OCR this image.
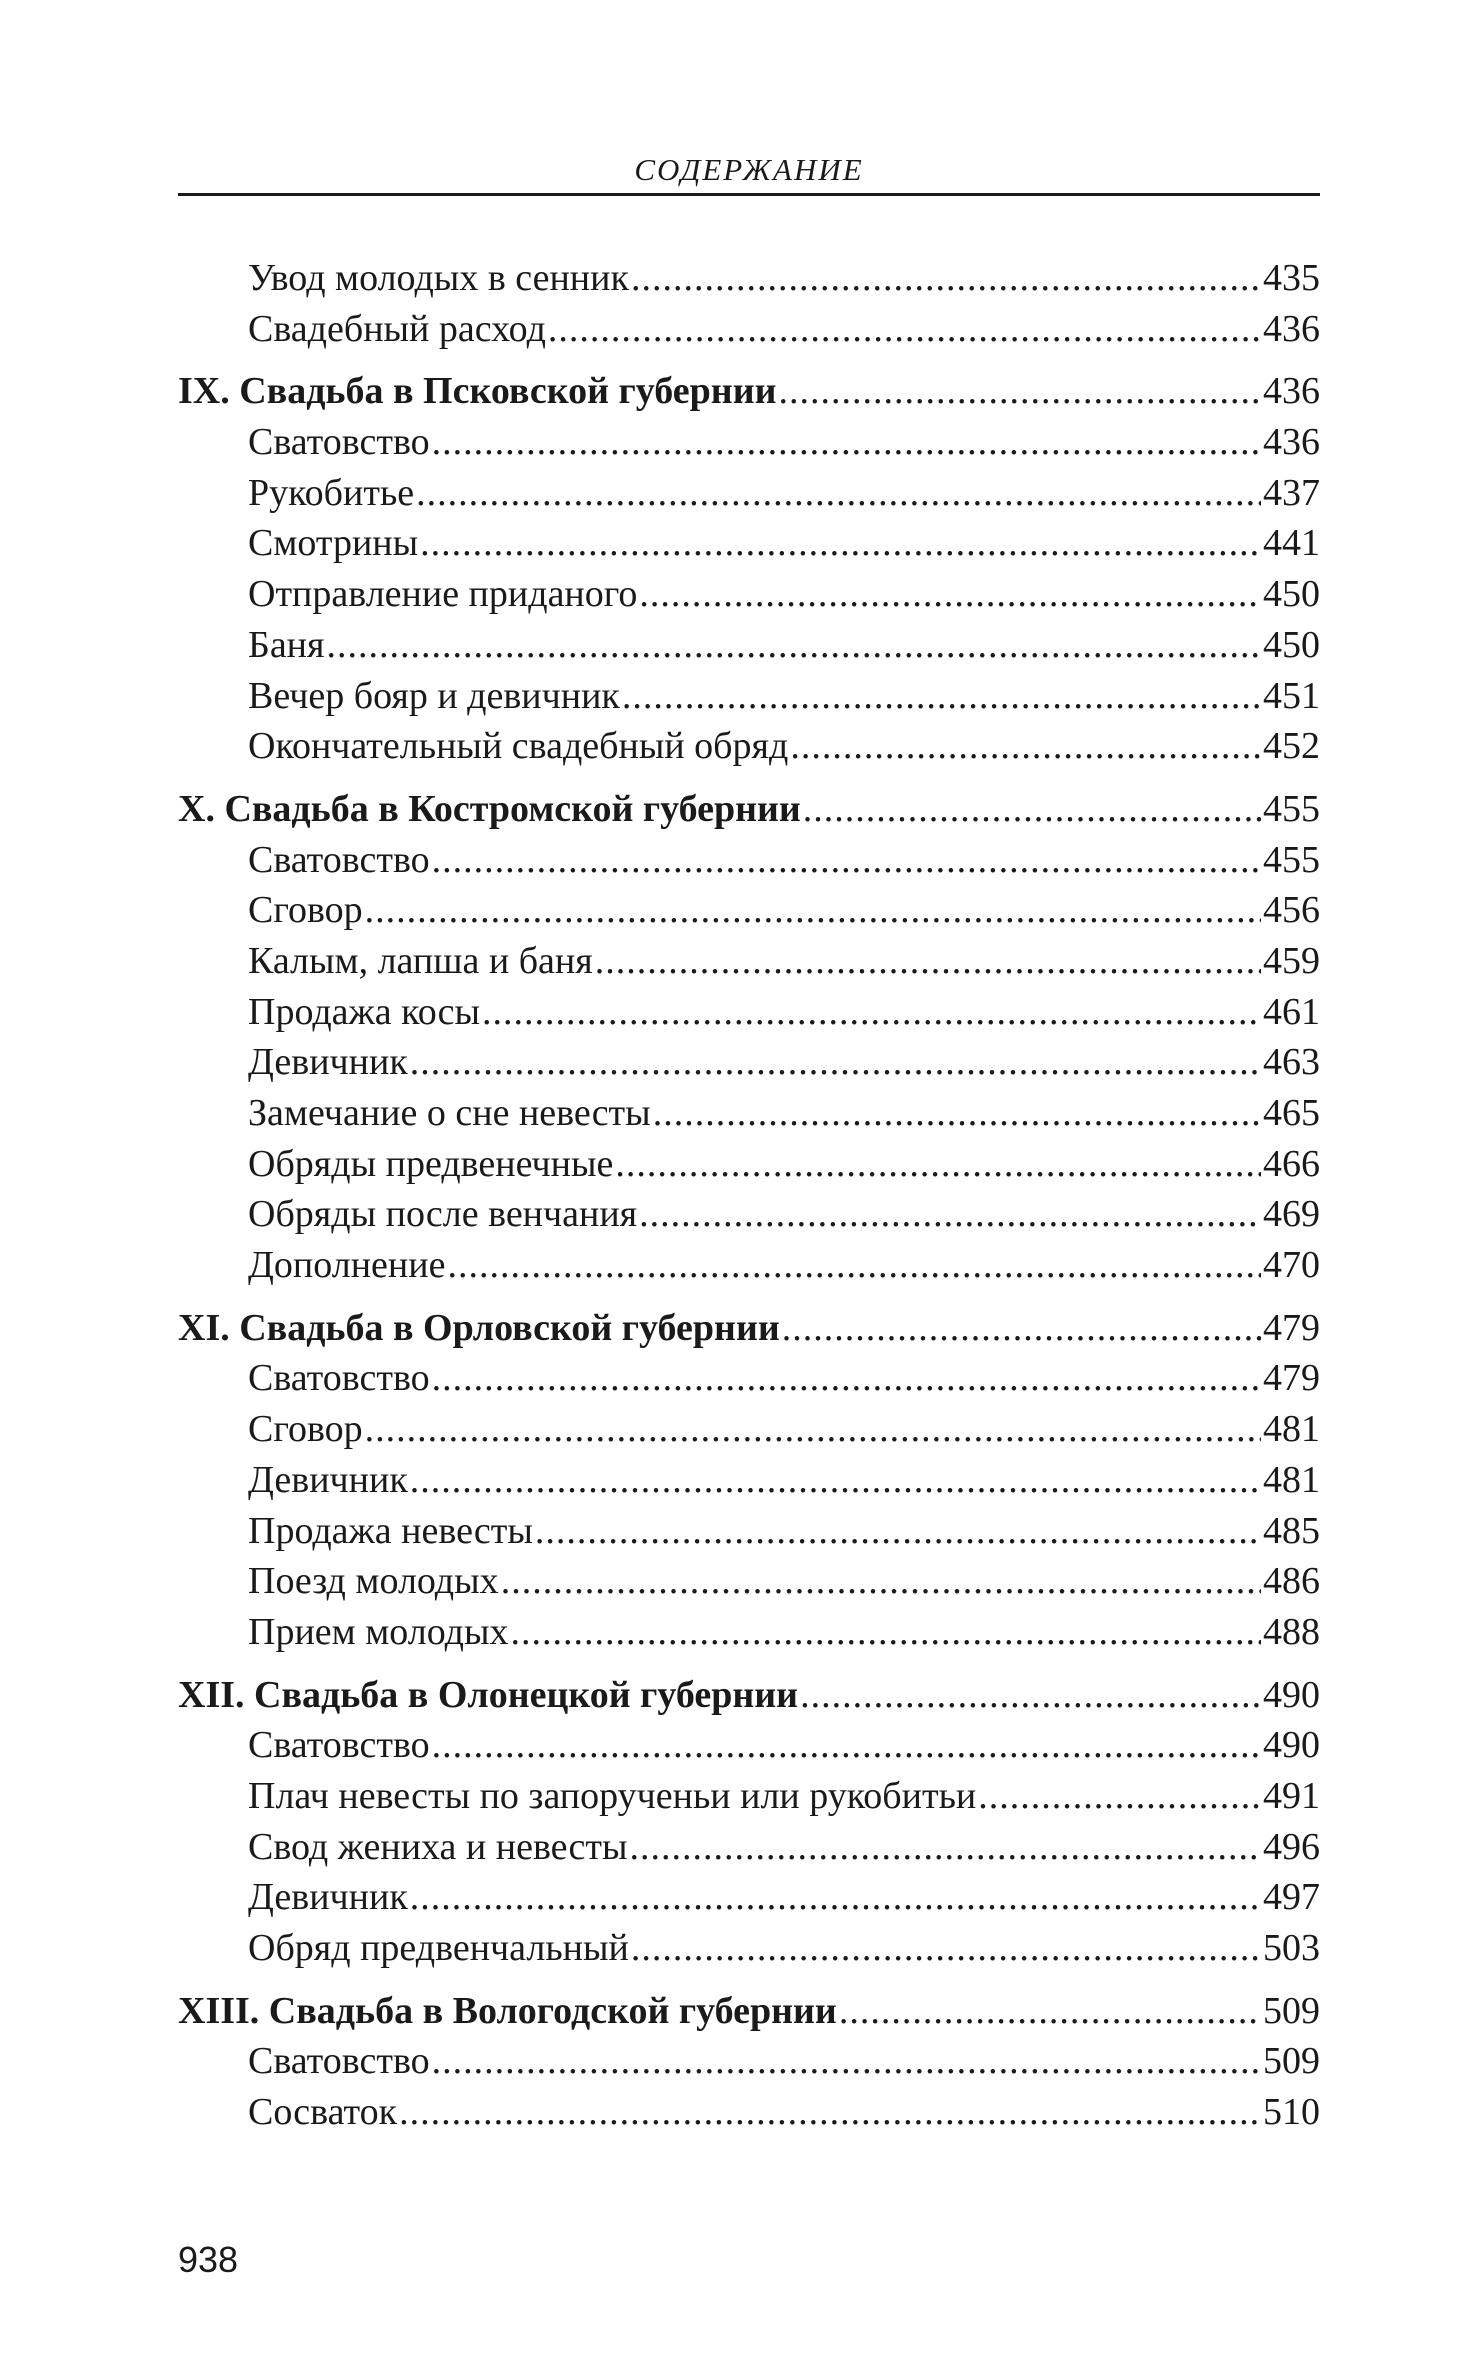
СОДЕРЖАНИЕ
Увод молодых в сенник .....	435
Свадебный расход .....	436
IX. Свадьба в Псковской губернии .....	436
Сватовство .....	436
Рукобитье .....	437
Смотрины .....	441
Отправление приданого .....	450
Баня .....	450
Вечер бояр и девичник .....	451
Окончательный свадебный обряд .....	452
X. Свадьба в Костромской губернии .....	455
Сватовство .....	455
Сговор .....	456
Калым, лапша и баня .....	459
Продажа косы .....	461
Девичник .....	463
Замечание о сне невесты .....	465
Обряды предвенечные .....	466
Обряды после венчания .....	469
Дополнение .....	470
XI. Свадьба в Орловской губернии .....	479
Сватовство .....	479
Сговор .....	481
Девичник .....	481
Продажа невесты .....	485
Поезд молодых .....	486
Прием молодых .....	488
XII. Свадьба в Олонецкой губернии .....	490
Сватовство .....	490
Плач невесты по запорученьи или рукобитьи .....	491
Свод жениха и невесты .....	496
Девичник .....	497
Обряд предвенчальный .....	503
XIII. Свадьба в Вологодской губернии .....	509
Сватовство .....	509
Сосваток .....	510
938
